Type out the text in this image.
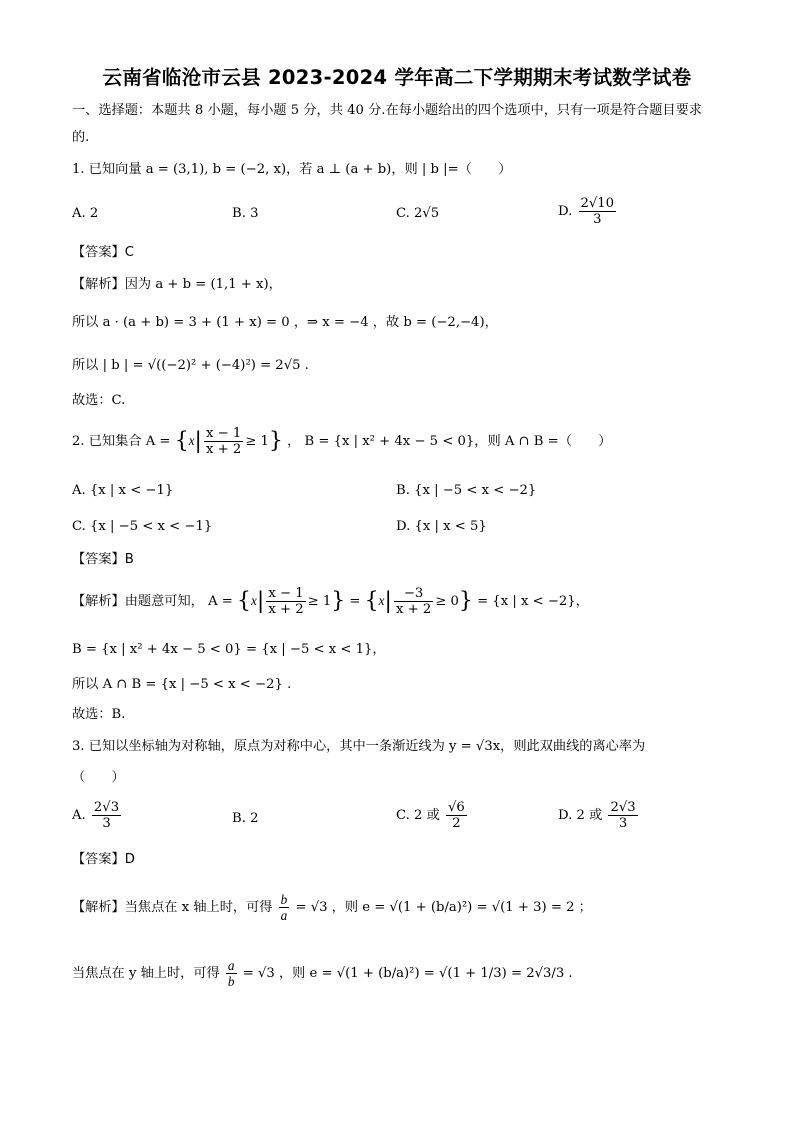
云南省临沧市云县 2023-2024 学年高二下学期期末考试数学试卷
一、选择题：本题共 8 小题，每小题 5 分，共 40 分.在每小题给出的四个选项中，只有一项是符合题目要求
的.
1. 已知向量 a = (3,1), b = (−2, x)，若 a ⊥ (a + b)，则 | b |=（　　）
A. 2	B. 3	C. 2√5	D. $\frac{2√10}{3}$
【答案】C
【解析】因为 a + b = (1,1 + x)，
所以 a · (a + b) = 3 + (1 + x) = 0 ，⇒ x = −4 ，故 b = (−2,−4)，
所以 | b | = √((−2)² + (−4)²) = 2√5 .
故选：C.
2. 已知集合 $A = \{x| \frac{x - 1}{x + 2} \ge 1\}$ ， B = {x | x² + 4x − 5 < 0}，则 A ∩ B =（　　）
A. {x | x < −1}	B. {x | −5 < x < −2}
C. {x | −5 < x < −1}	D. {x | x < 5}
【答案】B
【解析】由题意可知， $A = \{x| \frac{x - 1}{x + 2} \ge 1\} = \{x| \frac{-3}{x + 2} \ge 0\} = \{x$ | x < −2}，
B = {x | x² + 4x − 5 < 0} = {x | −5 < x < 1}，
所以 A ∩ B = {x | −5 < x < −2} .
故选：B.
3. 已知以坐标轴为对称轴，原点为对称中心，其中一条渐近线为 y = √3x，则此双曲线的离心率为
（　　）
A. $\frac{2√3}{3}$	B. 2	C. 2 或 $\frac{√6}{2}$	D. 2 或 $\frac{2√3}{3}$
【答案】D
【解析】当焦点在 x 轴上时，可得 $\frac{b}{a} = √3$ ，则 e = √(1 + (b/a)²) = √(1 + 3) = 2 ；
当焦点在 y 轴上时，可得 $\frac{a}{b} = √3$ ，则 e = √(1 + (b/a)²) = √(1 + 1/3) = 2√3/3 .
